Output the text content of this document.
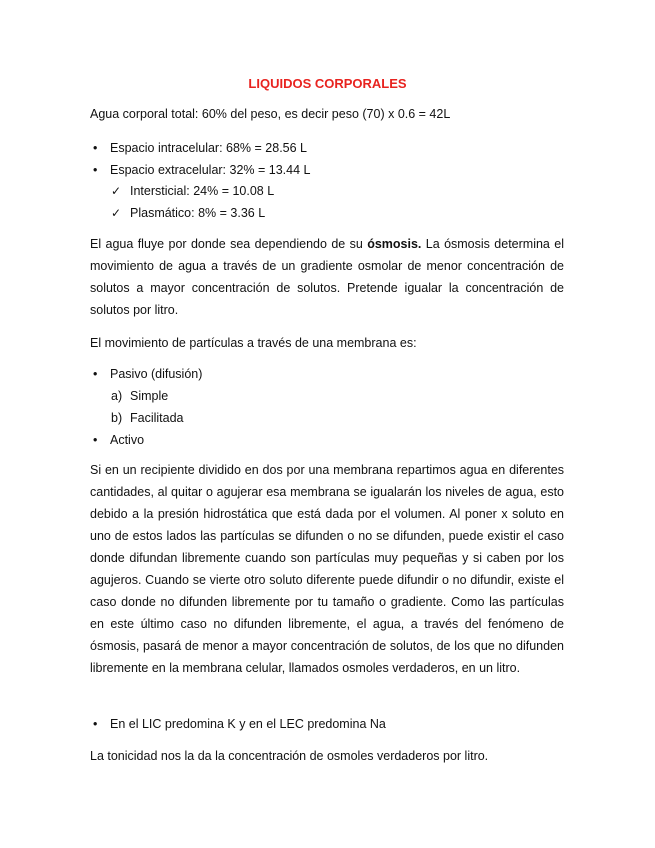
LIQUIDOS CORPORALES
Agua corporal total: 60% del peso, es decir peso (70) x 0.6 = 42L
• Espacio intracelular: 68% = 28.56 L
• Espacio extracelular: 32% = 13.44 L
✓ Intersticial: 24% = 10.08 L
✓ Plasmático: 8% = 3.36 L
El agua fluye por donde sea dependiendo de su ósmosis. La ósmosis determina el movimiento de agua a través de un gradiente osmolar de menor concentración de solutos a mayor concentración de solutos. Pretende igualar la concentración de solutos por litro.
El movimiento de partículas a través de una membrana es:
• Pasivo (difusión)
a) Simple
b) Facilitada
• Activo
Si en un recipiente dividido en dos por una membrana repartimos agua en diferentes cantidades, al quitar o agujerar esa membrana se igualarán los niveles de agua, esto debido a la presión hidrostática que está dada por el volumen. Al poner x soluto en uno de estos lados las partículas se difunden o no se difunden, puede existir el caso donde difundan libremente cuando son partículas muy pequeñas y si caben por los agujeros. Cuando se vierte otro soluto diferente puede difundir o no difundir, existe el caso donde no difunden libremente por tu tamaño o gradiente. Como las partículas en este último caso no difunden libremente, el agua, a través del fenómeno de ósmosis, pasará de menor a mayor concentración de solutos, de los que no difunden libremente en la membrana celular, llamados osmoles verdaderos, en un litro.
• En el LIC predomina K y en el LEC predomina Na
La tonicidad nos la da la concentración de osmoles verdaderos por litro.
